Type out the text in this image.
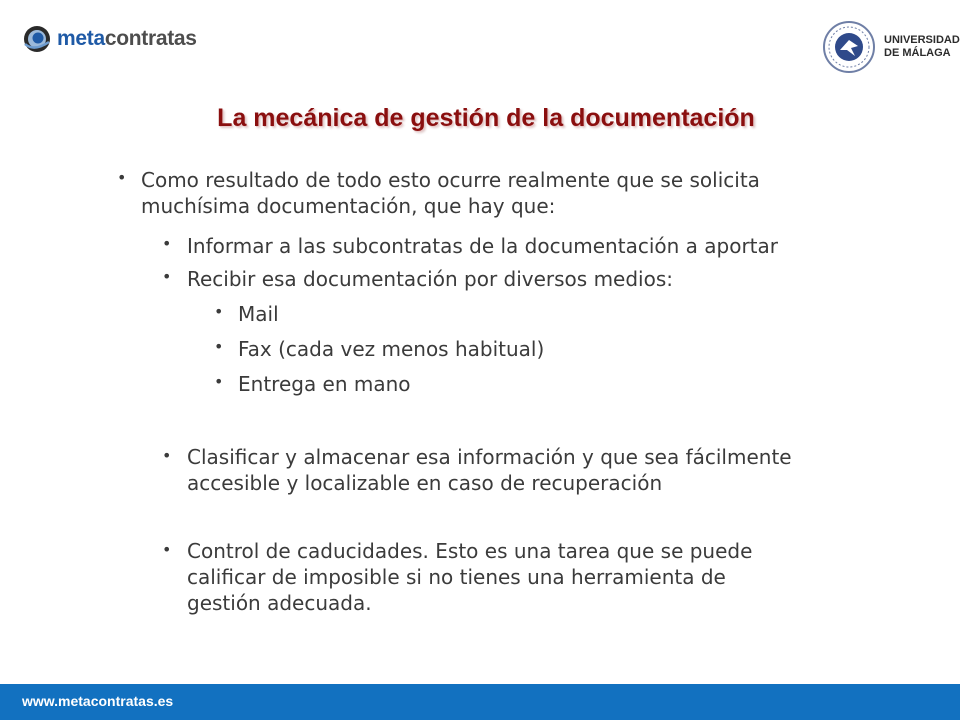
metacontratas	UNIVERSIDAD
DE MÁLAGA
La mecánica de gestión de la documentación
• Como resultado de todo esto ocurre realmente que se solicita
muchísima documentación, que hay que:
• Informar a las subcontratas de la documentación a aportar
• Recibir esa documentación por diversos medios:
• Mail
• Fax (cada vez menos habitual)
• Entrega en mano
• Clasificar y almacenar esa información y que sea fácilmente
accesible y localizable en caso de recuperación
• Control de caducidades. Esto es una tarea que se puede
calificar de imposible si no tienes una herramienta de
gestión adecuada.
www.metacontratas.es
